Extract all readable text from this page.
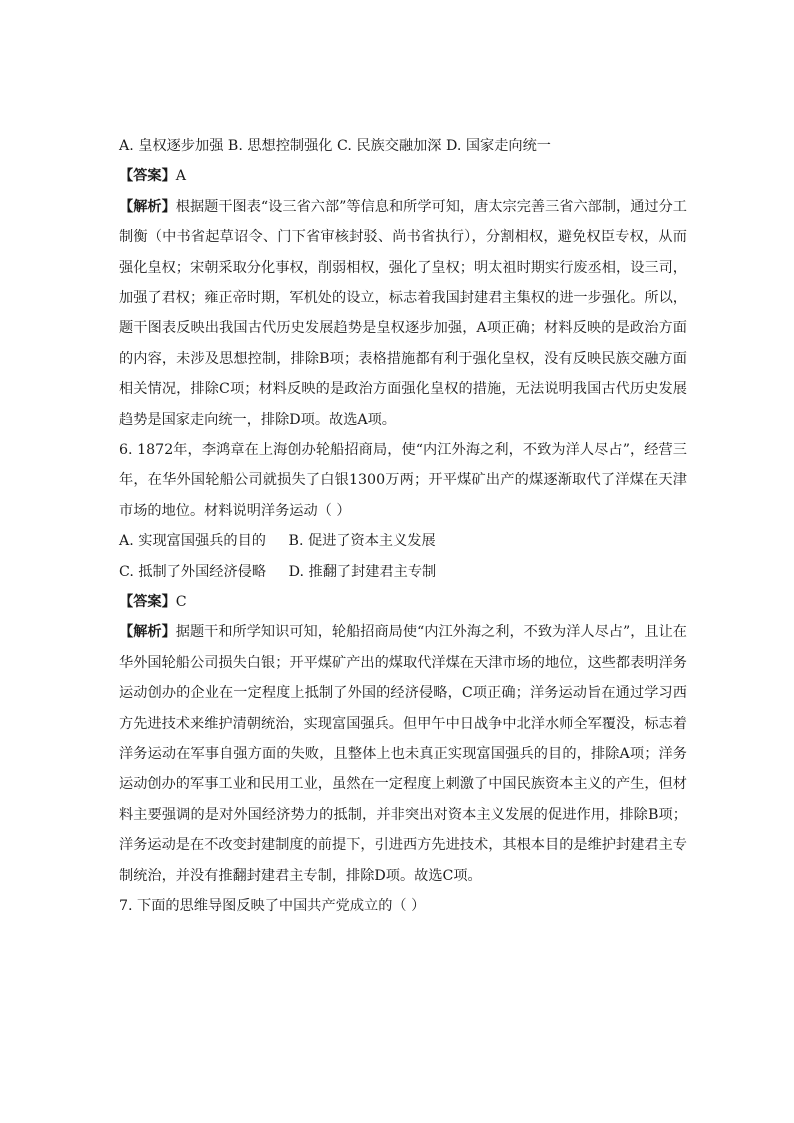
A. 皇权逐步加强 B. 思想控制强化 C. 民族交融加深 D. 国家走向统一
【答案】A

【解析】根据题干图表“设三省六部”等信息和所学可知，唐太宗完善三省六部制，通过分工制衡（中书省起草诏令、门下省审核封驳、尚书省执行），分割相权，避免权臣专权，从而强化皇权；宋朝采取分化事权，削弱相权，强化了皇权；明太祖时期实行废丞相，设三司，加强了君权；雍正帝时期，军机处的设立，标志着我国封建君主集权的进一步强化。所以，题干图表反映出我国古代历史发展趋势是皇权逐步加强，A项正确；材料反映的是政治方面的内容，未涉及思想控制，排除B项；表格措施都有利于强化皇权，没有反映民族交融方面相关情况，排除C项；材料反映的是政治方面强化皇权的措施，无法说明我国古代历史发展趋势是国家走向统一，排除D项。故选A项。

6. 1872年，李鸿章在上海创办轮船招商局，使“内江外海之利，不致为洋人尽占”，经营三年，在华外国轮船公司就损失了白银1300万两；开平煤矿出产的煤逐渐取代了洋煤在天津市场的地位。材料说明洋务运动（ ）

A. 实现富国强兵的目的 B. 促进了资本主义发展
C. 抵制了外国经济侵略 D. 推翻了封建君主专制
【答案】C

【解析】据题干和所学知识可知，轮船招商局使“内江外海之利，不致为洋人尽占”，且让在华外国轮船公司损失白银；开平煤矿产出的煤取代洋煤在天津市场的地位，这些都表明洋务运动创办的企业在一定程度上抵制了外国的经济侵略，C项正确；洋务运动旨在通过学习西方先进技术来维护清朝统治，实现富国强兵。但甲午中日战争中北洋水师全军覆没，标志着洋务运动在军事自强方面的失败，且整体上也未真正实现富国强兵的目的，排除A项；洋务运动创办的军事工业和民用工业，虽然在一定程度上刺激了中国民族资本主义的产生，但材料主要强调的是对外国经济势力的抵制，并非突出对资本主义发展的促进作用，排除B项；洋务运动是在不改变封建制度的前提下，引进西方先进技术，其根本目的是维护封建君主专制统治，并没有推翻封建君主专制，排除D项。故选C项。

7. 下面的思维导图反映了中国共产党成立的（ ）
